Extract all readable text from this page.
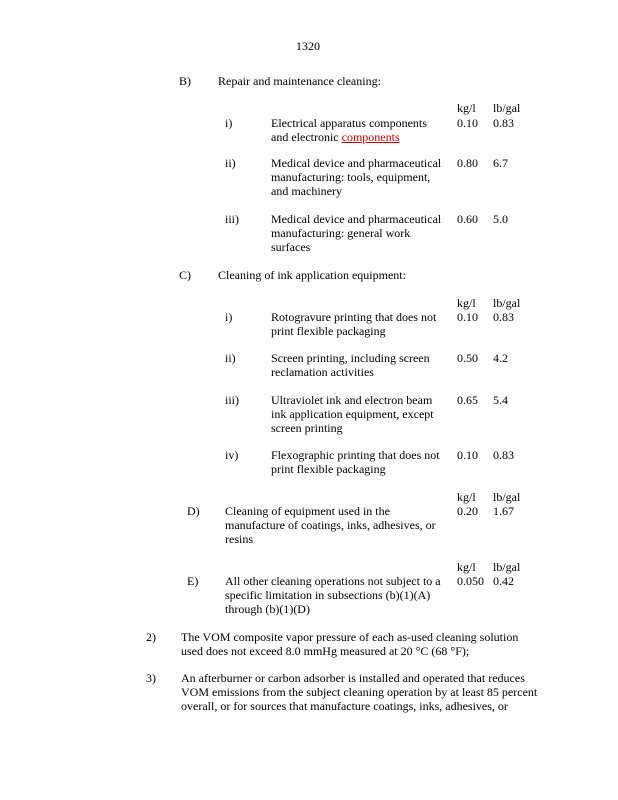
1320
B) Repair and maintenance cleaning:
kg/l lb/gal
i)	Electrical apparatus components
and electronic components
0.10 0.83
ii)	Medical device and pharmaceutical
manufacturing: tools, equipment,
and machinery
0.80 6.7
iii)	Medical device and pharmaceutical
manufacturing: general work
surfaces
0.60 5.0
C) Cleaning of ink application equipment:
kg/l lb/gal
i)	Rotogravure printing that does not
print flexible packaging
0.10 0.83
ii)	Screen printing, including screen
reclamation activities
0.50 4.2
iii)	Ultraviolet ink and electron beam
ink application equipment, except
screen printing
0.65 5.4
iv)	Flexographic printing that does not
print flexible packaging
0.10 0.83
kg/l lb/gal
D) Cleaning of equipment used in the
manufacture of coatings, inks, adhesives, or
resins
0.20 1.67
kg/l lb/gal
E) All other cleaning operations not subject to a
specific limitation in subsections (b)(1)(A)
through (b)(1)(D)
0.050 0.42
2) The VOM composite vapor pressure of each as-used cleaning solution
used does not exceed 8.0 mmHg measured at 20 °C (68 °F);
3) An afterburner or carbon adsorber is installed and operated that reduces
VOM emissions from the subject cleaning operation by at least 85 percent
overall, or for sources that manufacture coatings, inks, adhesives, or
